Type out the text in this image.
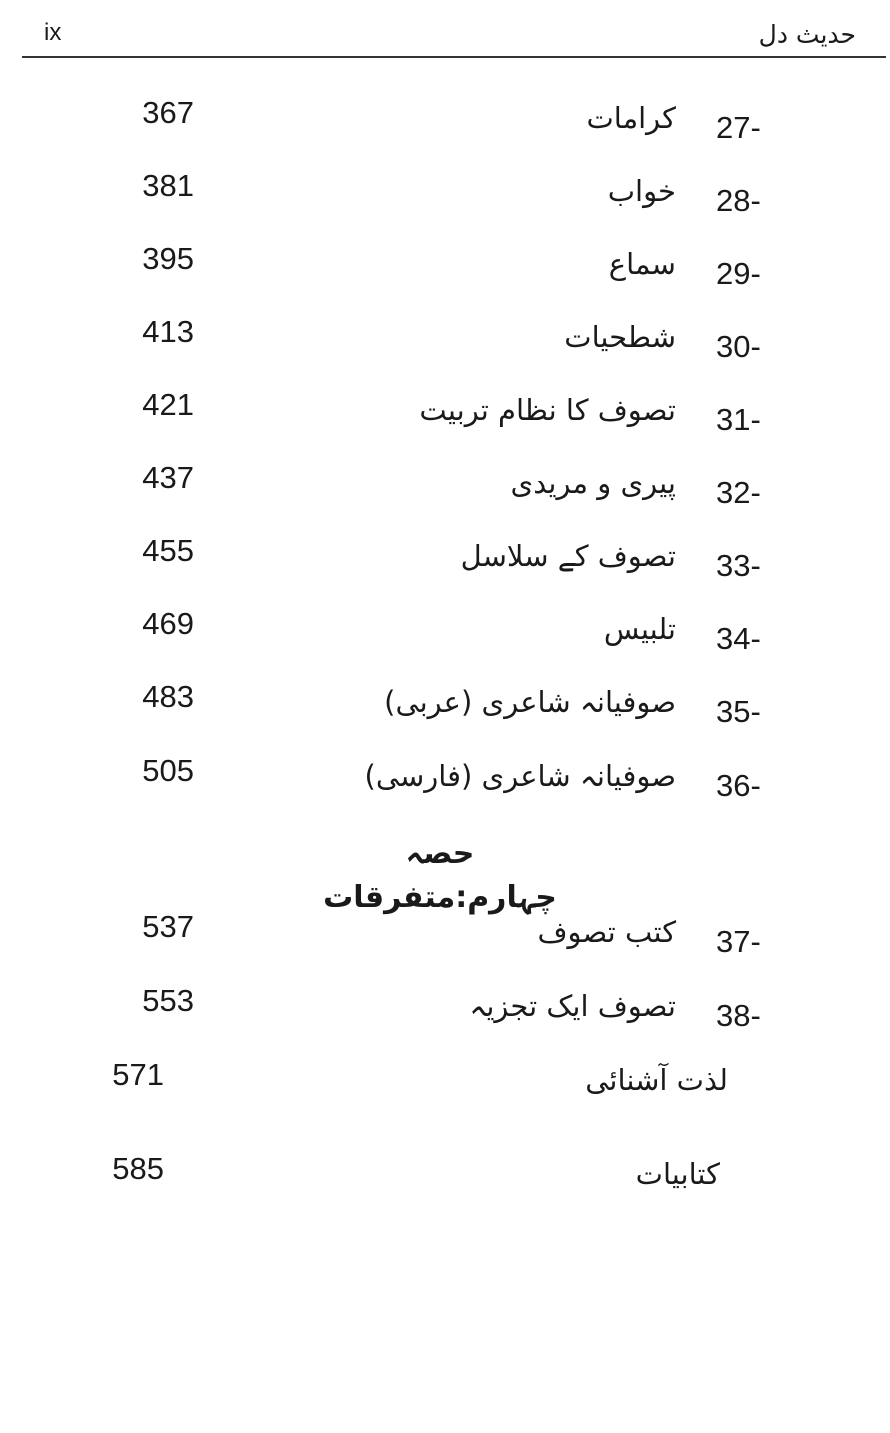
ix	حدیث دل
27-
کرامات
367
28-
خواب
381
29-
سماع
395
30-
شطحیات
413
31-
تصوف کا نظام تربیت
421
32-
پیری و مریدی
437
33-
تصوف کے سلاسل
455
34-
تلبیس
469
35-
صوفیانہ شاعری (عربی)
483
36-
صوفیانہ شاعری (فارسی)
505
حصہ چہارم:متفرقات
37-
کتب تصوف
537
38-
تصوف ایک تجزیہ
553
لذت آشنائی
571
کتابیات
585
